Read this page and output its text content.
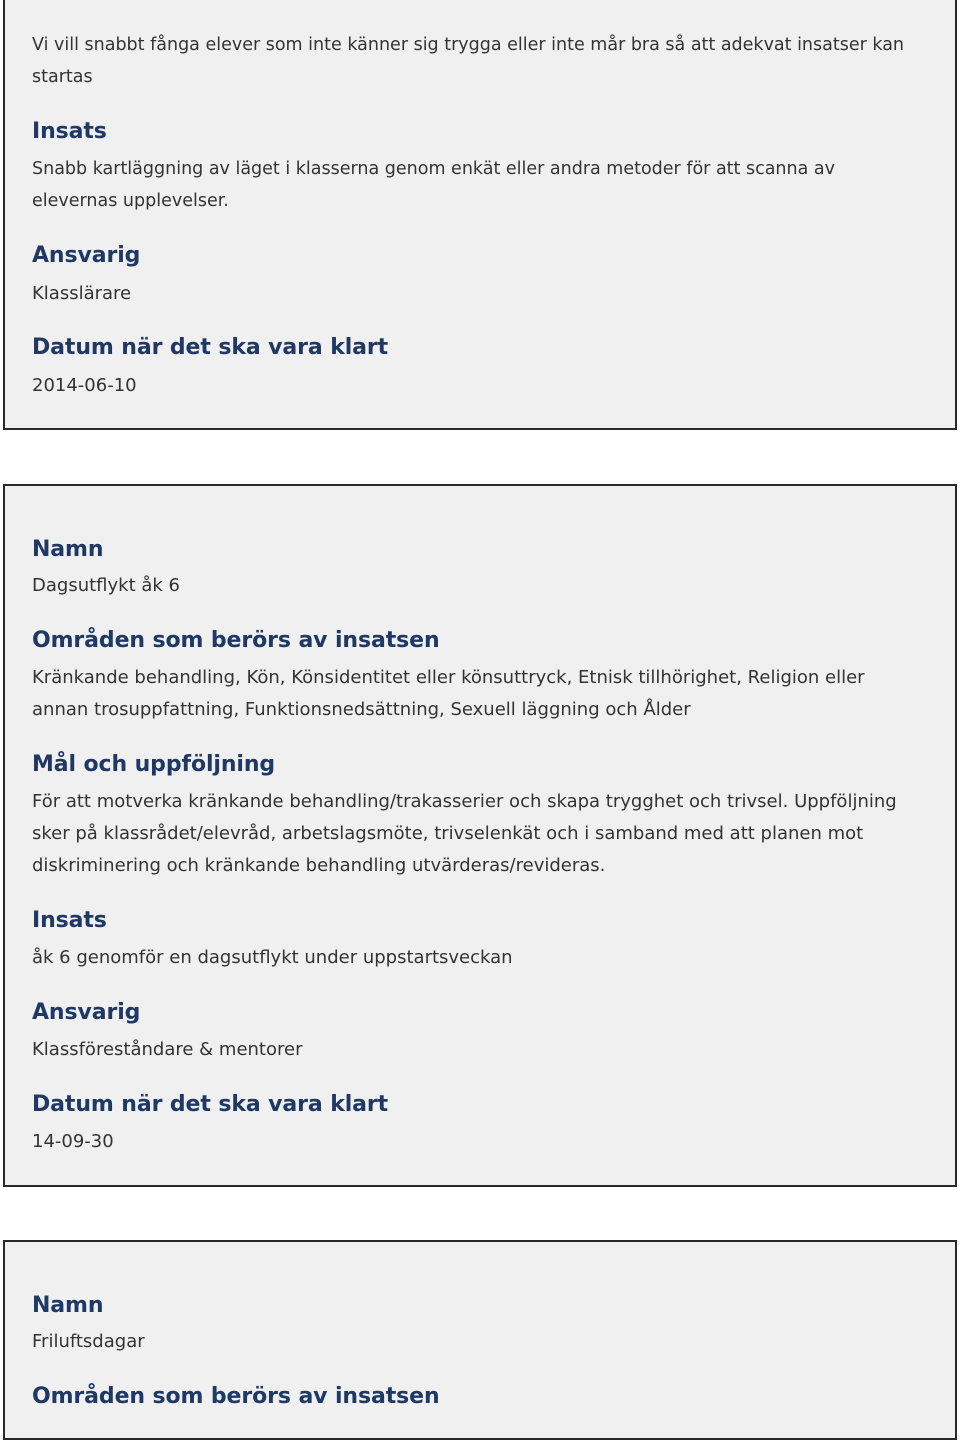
Vi vill snabbt fånga elever som inte känner sig trygga eller inte mår bra så att adekvat insatser kan
startas
Insats
Snabb kartläggning av läget i klasserna genom enkät eller andra metoder för att scanna av
elevernas upplevelser.
Ansvarig
Klasslärare
Datum när det ska vara klart
2014-06-10
Namn
Dagsutflykt åk 6
Områden som berörs av insatsen
Kränkande behandling, Kön, Könsidentitet eller könsuttryck, Etnisk tillhörighet, Religion eller
annan trosuppfattning, Funktionsnedsättning, Sexuell läggning och Ålder
Mål och uppföljning
För att motverka kränkande behandling/trakasserier och skapa trygghet och trivsel. Uppföljning
sker på klassrådet/elevråd, arbetslagsmöte, trivselenkät och i samband med att planen mot
diskriminering och kränkande behandling utvärderas/revideras.
Insats
åk 6 genomför en dagsutflykt under uppstartsveckan
Ansvarig
Klassföreståndare & mentorer
Datum när det ska vara klart
14-09-30
Namn
Friluftsdagar
Områden som berörs av insatsen
